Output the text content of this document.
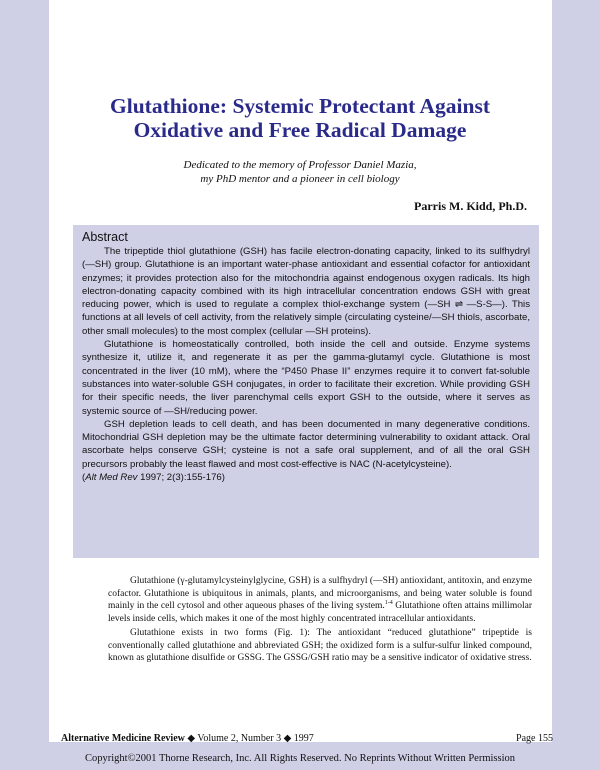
Glutathione: Systemic Protectant Against
Oxidative and Free Radical Damage
Dedicated to the memory of Professor Daniel Mazia,
my PhD mentor and a pioneer in cell biology
Parris M. Kidd, Ph.D.
Abstract

The tripeptide thiol glutathione (GSH) has facile electron-donating capacity, linked to its sulfhydryl (—SH) group. Glutathione is an important water-phase antioxidant and essential cofactor for antioxidant enzymes; it provides protection also for the mitochondria against endogenous oxygen radicals. Its high electron-donating capacity combined with its high intracellular concentration endows GSH with great reducing power, which is used to regulate a complex thiol-exchange system (—SH ⇌ —S-S—). This functions at all levels of cell activity, from the relatively simple (circulating cysteine/—SH thiols, ascorbate, other small molecules) to the most complex (cellular —SH proteins).

Glutathione is homeostatically controlled, both inside the cell and outside. Enzyme systems synthesize it, utilize it, and regenerate it as per the gamma-glutamyl cycle. Glutathione is most concentrated in the liver (10 mM), where the “P450 Phase II” enzymes require it to convert fat-soluble substances into water-soluble GSH conjugates, in order to facilitate their excretion. While providing GSH for their specific needs, the liver parenchymal cells export GSH to the outside, where it serves as systemic source of —SH/reducing power.

GSH depletion leads to cell death, and has been documented in many degenerative conditions. Mitochondrial GSH depletion may be the ultimate factor determining vulnerability to oxidant attack. Oral ascorbate helps conserve GSH; cysteine is not a safe oral supplement, and of all the oral GSH precursors probably the least flawed and most cost-effective is NAC (N-acetylcysteine).

(Alt Med Rev 1997; 2(3):155-176)

Glutathione (γ-glutamylcysteinylglycine, GSH) is a sulfhydryl (—SH) antioxidant, antitoxin, and enzyme cofactor. Glutathione is ubiquitous in animals, plants, and microorganisms, and being water soluble is found mainly in the cell cytosol and other aqueous phases of the living system.$^{1-4}$ Glutathione often attains millimolar levels inside cells, which makes it one of the most highly concentrated intracellular antioxidants.

Glutathione exists in two forms (Fig. 1): The antioxidant “reduced glutathione” tripeptide is conventionally called glutathione and abbreviated GSH; the oxidized form is a sulfur-sulfur linked compound, known as glutathione disulfide or GSSG. The GSSG/GSH ratio may be a sensitive indicator of oxidative stress.

Alternative Medicine Review ◆ Volume 2, Number 3 ◆ 1997	Page 155
Copyright©2001 Thorne Research, Inc. All Rights Reserved. No Reprints Without Written Permission
